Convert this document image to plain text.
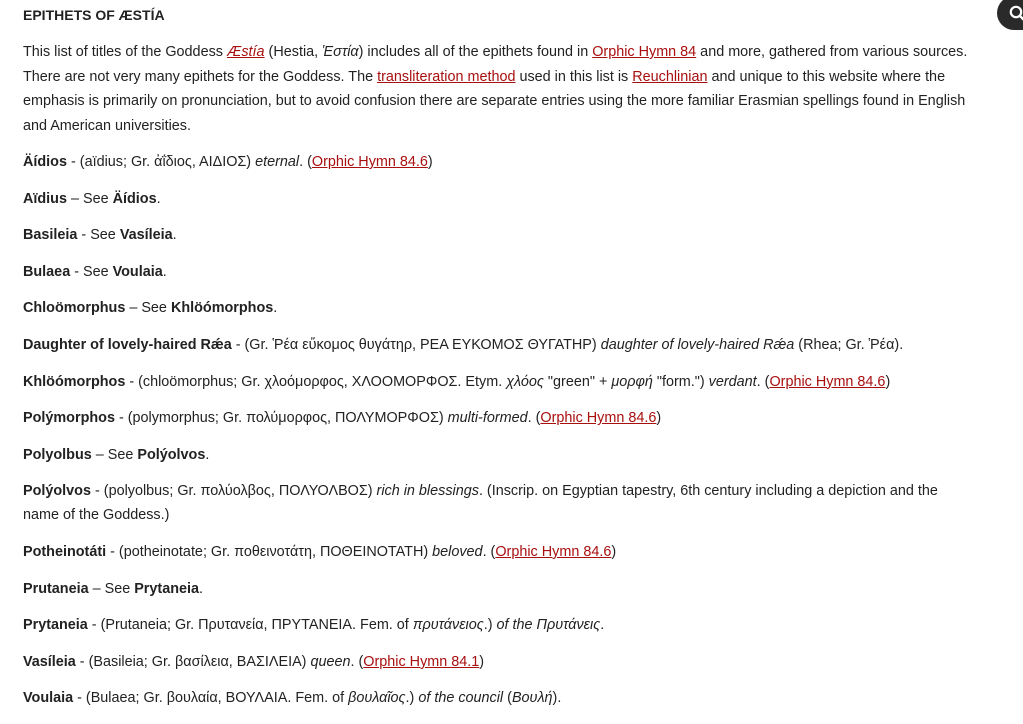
EPITHETS OF ÆSTÍA

This list of titles of the Goddess Æstía (Hestia, Ἑστία) includes all of the epithets found in Orphic Hymn 84 and more, gathered from various sources. There are not very many epithets for the Goddess. The transliteration method used in this list is Reuchlinian and unique to this website where the emphasis is primarily on pronunciation, but to avoid confusion there are separate entries using the more familiar Erasmian spellings found in English and American universities.

Äídios - (aïdius; Gr. ἀΐδιος, ΑΙΔΙΟΣ) eternal. (Orphic Hymn 84.6)

Aïdius – See Äídios.

Basileia - See Vasíleia.

Bulaea - See Voulaia.

Chloömorphus – See Khlöómorphos.

Daughter of lovely-haired Rǽa - (Gr. Ῥέα εὔκομος θυγάτηρ, ΡΕΑ ΕΥΚΟΜΟΣ ΘΥΓΑΤΗΡ) daughter of lovely-haired Rǽa (Rhea; Gr. Ῥέα).

Khlöómorphos - (chloömorphus; Gr. χλοόμορφος, ΧΛΟΟΜΟΡΦΟΣ. Etym. χλόος "green" + μορφή "form.") verdant. (Orphic Hymn 84.6)

Polýmorphos - (polymorphus; Gr. πολύμορφος, ΠΟΛΥΜΟΡΦΟΣ) multi-formed. (Orphic Hymn 84.6)

Polyolbus – See Polýolvos.

Polýolvos - (polyolbus; Gr. πολύολβος, ΠΟΛΥΟΛΒΟΣ) rich in blessings. (Inscrip. on Egyptian tapestry, 6th century including a depiction and the name of the Goddess.)

Potheinotáti - (potheinotate; Gr. ποθεινοτάτη, ΠΟΘΕΙΝΟΤΑΤΗ) beloved. (Orphic Hymn 84.6)

Prutaneia – See Prytaneia.

Prytaneia - (Prutaneia; Gr. Πρυτανεία, ΠΡΥΤΑΝΕΙΑ. Fem. of πρυτάνειος.) of the Πρυτάνεις.

Vasíleia - (Basileia; Gr. βασίλεια, ΒΑΣΙΛΕΙΑ) queen. (Orphic Hymn 84.1)

Voulaia - (Bulaea; Gr. βουλαία, ΒΟΥΛΑΙΑ. Fem. of βουλαῖος.) of the council (Βουλή).
